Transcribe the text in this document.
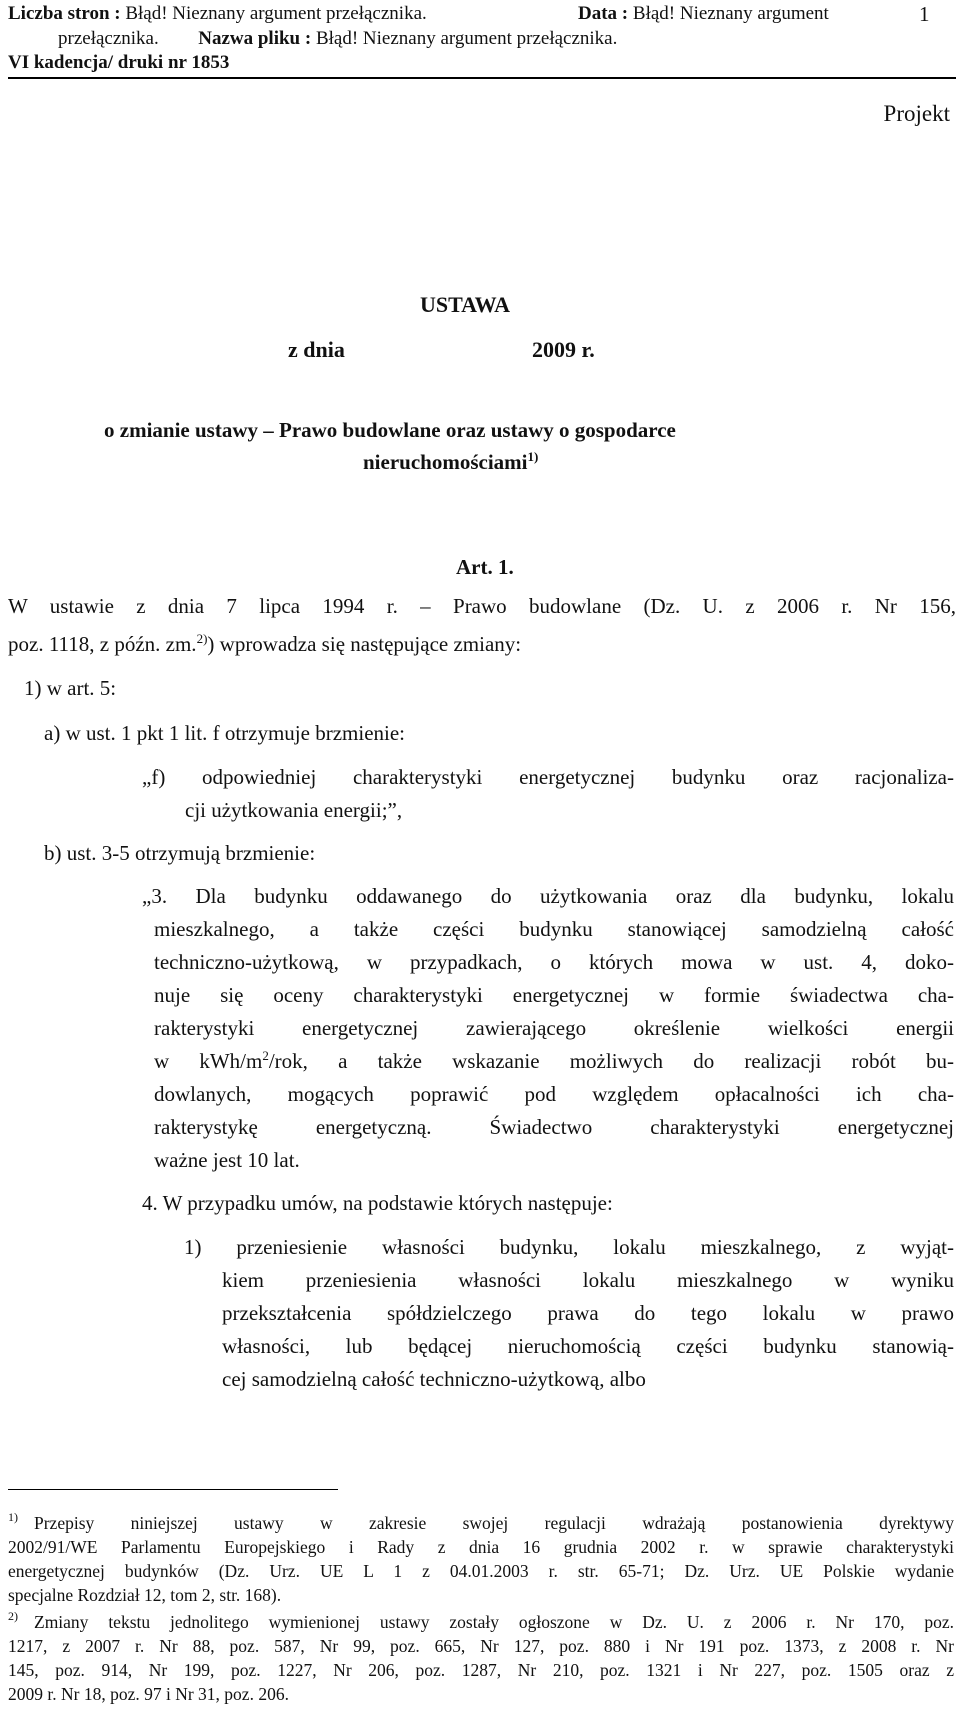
Liczba stron : Błąd! Nieznany argument przełącznika.	Data : Błąd! Nieznany argument	1
przełącznika. Nazwa pliku : Błąd! Nieznany argument przełącznika.
VI kadencja/ druki nr 1853
Projekt
USTAWA
z dnia	2009 r.
o zmianie ustawy – Prawo budowlane oraz ustawy o gospodarce
nieruchomościami$^{1)}$
Art. 1.
W ustawie z dnia 7 lipca 1994 r. – Prawo budowlane (Dz. U. z 2006 r. Nr 156,
poz. 1118, z późn. zm.$^{2)}$) wprowadza się następujące zmiany:
1) w art. 5:
a) w ust. 1 pkt 1 lit. f otrzymuje brzmienie:
„f) odpowiedniej charakterystyki energetycznej budynku oraz racjonaliza-
cji użytkowania energii;”,
b) ust. 3-5 otrzymują brzmienie:
„3. Dla budynku oddawanego do użytkowania oraz dla budynku, lokalu
mieszkalnego, a także części budynku stanowiącej samodzielną całość
techniczno-użytkową, w przypadkach, o których mowa w ust. 4, doko-
nuje się oceny charakterystyki energetycznej w formie świadectwa cha-
rakterystyki energetycznej zawierającego określenie wielkości energii
w kWh/$m^2$/rok, a także wskazanie możliwych do realizacji robót bu-
dowlanych, mogących poprawić pod względem opłacalności ich cha-
rakterystykę energetyczną. Świadectwo charakterystyki energetycznej
ważne jest 10 lat.
4. W przypadku umów, na podstawie których następuje:
1) przeniesienie własności budynku, lokalu mieszkalnego, z wyjąt-
kiem przeniesienia własności lokalu mieszkalnego w wyniku
przekształcenia spółdzielczego prawa do tego lokalu w prawo
własności, lub będącej nieruchomością części budynku stanowią-
cej samodzielną całość techniczno-użytkową, albo
1) Przepisy niniejszej ustawy w zakresie swojej regulacji wdrażają postanowienia dyrektywy
2002/91/WE Parlamentu Europejskiego i Rady z dnia 16 grudnia 2002 r. w sprawie charakterystyki
energetycznej budynków (Dz. Urz. UE L 1 z 04.01.2003 r. str. 65-71; Dz. Urz. UE Polskie wydanie
specjalne Rozdział 12, tom 2, str. 168).
2) Zmiany tekstu jednolitego wymienionej ustawy zostały ogłoszone w Dz. U. z 2006 r. Nr 170, poz.
1217, z 2007 r. Nr 88, poz. 587, Nr 99, poz. 665, Nr 127, poz. 880 i Nr 191 poz. 1373, z 2008 r. Nr
145, poz. 914, Nr 199, poz. 1227, Nr 206, poz. 1287, Nr 210, poz. 1321 i Nr 227, poz. 1505 oraz z
2009 r. Nr 18, poz. 97 i Nr 31, poz. 206.
